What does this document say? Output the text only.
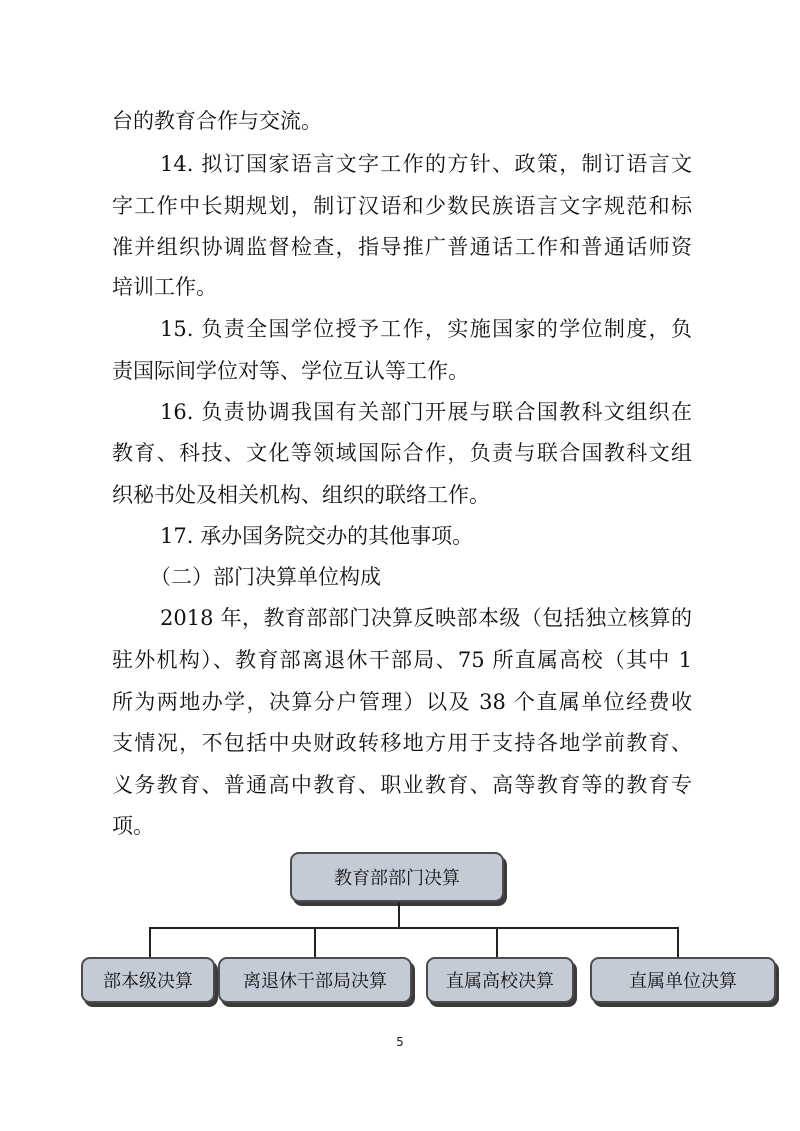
台的教育合作与交流。
14. 拟订国家语言文字工作的方针、政策，制订语言文
字工作中长期规划，制订汉语和少数民族语言文字规范和标
准并组织协调监督检查，指导推广普通话工作和普通话师资
培训工作。
15. 负责全国学位授予工作，实施国家的学位制度，负
责国际间学位对等、学位互认等工作。
16. 负责协调我国有关部门开展与联合国教科文组织在
教育、科技、文化等领域国际合作，负责与联合国教科文组
织秘书处及相关机构、组织的联络工作。
17. 承办国务院交办的其他事项。
（二）部门决算单位构成
2018 年，教育部部门决算反映部本级（包括独立核算的
驻外机构）、教育部离退休干部局、75 所直属高校（其中 1
所为两地办学，决算分户管理）以及 38 个直属单位经费收
支情况，不包括中央财政转移地方用于支持各地学前教育、
义务教育、普通高中教育、职业教育、高等教育等的教育专
项。
教育部部门决算
部本级决算	离退休干部局决算	直属高校决算	直属单位决算
5
